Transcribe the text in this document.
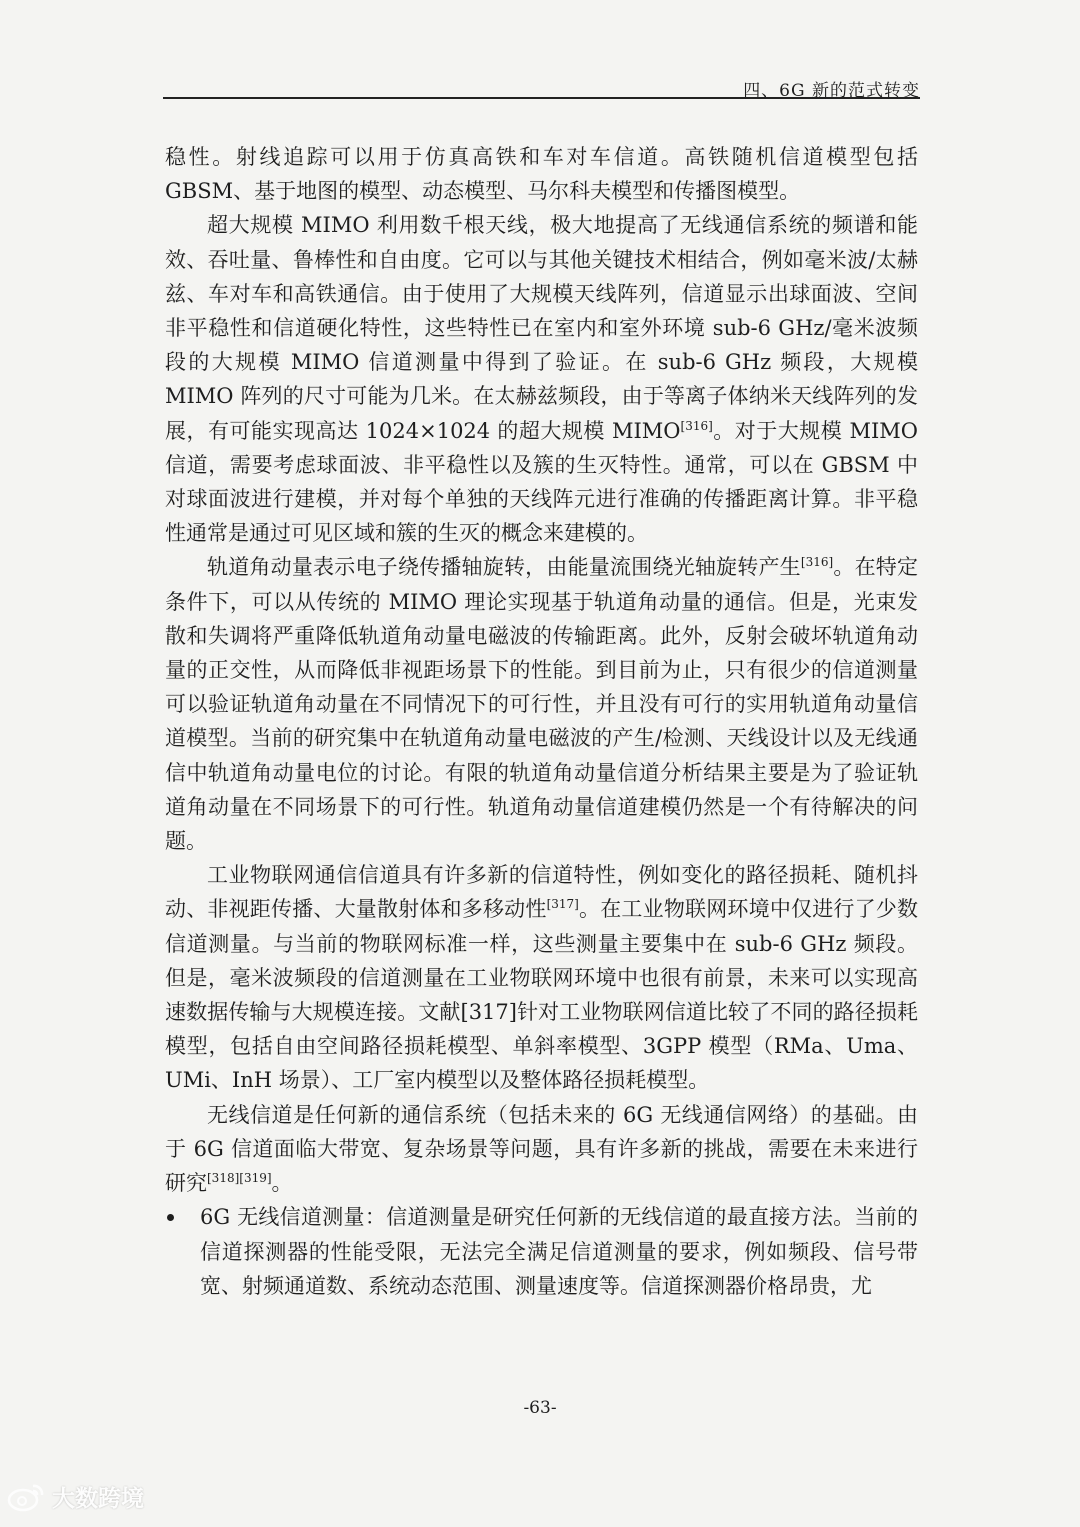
四、6G 新的范式转变

稳性。射线追踪可以用于仿真高铁和车对车信道。高铁随机信道模型包括 GBSM、基于地图的模型、动态模型、马尔科夫模型和传播图模型。

超大规模 MIMO 利用数千根天线，极大地提高了无线通信系统的频谱和能效、吞吐量、鲁棒性和自由度。它可以与其他关键技术相结合，例如毫米波/太赫兹、车对车和高铁通信。由于使用了大规模天线阵列，信道显示出球面波、空间非平稳性和信道硬化特性，这些特性已在室内和室外环境 sub-6 GHz/毫米波频段的大规模 MIMO 信道测量中得到了验证。在 sub-6 GHz 频段，大规模 MIMO 阵列的尺寸可能为几米。在太赫兹频段，由于等离子体纳米天线阵列的发展，有可能实现高达 1024×1024 的超大规模 MIMO[316]。对于大规模 MIMO 信道，需要考虑球面波、非平稳性以及簇的生灭特性。通常，可以在 GBSM 中对球面波进行建模，并对每个单独的天线阵元进行准确的传播距离计算。非平稳性通常是通过可见区域和簇的生灭的概念来建模的。

轨道角动量表示电子绕传播轴旋转，由能量流围绕光轴旋转产生[316]。在特定条件下，可以从传统的 MIMO 理论实现基于轨道角动量的通信。但是，光束发散和失调将严重降低轨道角动量电磁波的传输距离。此外，反射会破坏轨道角动量的正交性，从而降低非视距场景下的性能。到目前为止，只有很少的信道测量可以验证轨道角动量在不同情况下的可行性，并且没有可行的实用轨道角动量信道模型。当前的研究集中在轨道角动量电磁波的产生/检测、天线设计以及无线通信中轨道角动量电位的讨论。有限的轨道角动量信道分析结果主要是为了验证轨道角动量在不同场景下的可行性。轨道角动量信道建模仍然是一个有待解决的问题。

工业物联网通信信道具有许多新的信道特性，例如变化的路径损耗、随机抖动、非视距传播、大量散射体和多移动性[317]。在工业物联网环境中仅进行了少数信道测量。与当前的物联网标准一样，这些测量主要集中在 sub-6 GHz 频段。但是，毫米波频段的信道测量在工业物联网环境中也很有前景，未来可以实现高速数据传输与大规模连接。文献[317]针对工业物联网信道比较了不同的路径损耗模型，包括自由空间路径损耗模型、单斜率模型、3GPP 模型（RMa、Uma、UMi、InH 场景）、工厂室内模型以及整体路径损耗模型。

无线信道是任何新的通信系统（包括未来的 6G 无线通信网络）的基础。由于 6G 信道面临大带宽、复杂场景等问题，具有许多新的挑战，需要在未来进行研究[318][319]。

6G 无线信道测量：信道测量是研究任何新的无线信道的最直接方法。当前的信道探测器的性能受限，无法完全满足信道测量的要求，例如频段、信号带宽、射频通道数、系统动态范围、测量速度等。信道探测器价格昂贵，尤

-63-
大数跨境
